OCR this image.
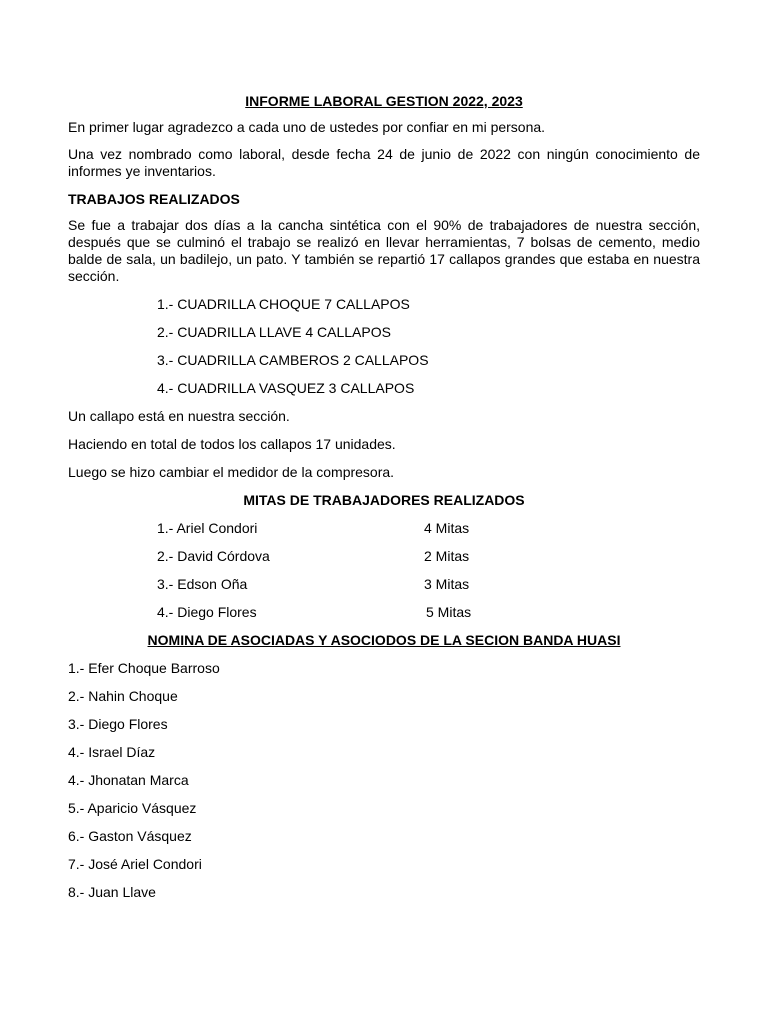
INFORME LABORAL GESTION 2022, 2023
En primer lugar agradezco a cada uno de ustedes por confiar en mi persona.
Una vez nombrado como laboral, desde fecha 24 de junio de 2022 con ningún conocimiento de informes ye inventarios.
TRABAJOS REALIZADOS
Se fue a trabajar dos días a la cancha sintética con el 90% de trabajadores de nuestra sección, después que se culminó el trabajo se realizó en llevar herramientas, 7 bolsas de cemento, medio balde de sala, un badilejo, un pato. Y también se repartió 17 callapos grandes que estaba en nuestra sección.
1.- CUADRILLA CHOQUE 7 CALLAPOS
2.- CUADRILLA LLAVE 4 CALLAPOS
3.- CUADRILLA CAMBEROS 2 CALLAPOS
4.- CUADRILLA VASQUEZ 3 CALLAPOS
Un callapo está en nuestra sección.
Haciendo en total de todos los callapos 17 unidades.
Luego se hizo cambiar el medidor de la compresora.
MITAS DE TRABAJADORES REALIZADOS
1.- Ariel Condori	4 Mitas
2.- David Córdova	2 Mitas
3.- Edson Oña	3 Mitas
4.- Diego Flores	5 Mitas
NOMINA DE ASOCIADAS Y ASOCIODOS DE LA SECION BANDA HUASI
1.- Efer Choque Barroso
2.- Nahin Choque
3.- Diego Flores
4.- Israel Díaz
4.- Jhonatan Marca
5.- Aparicio Vásquez
6.- Gaston Vásquez
7.- José Ariel Condori
8.- Juan Llave
